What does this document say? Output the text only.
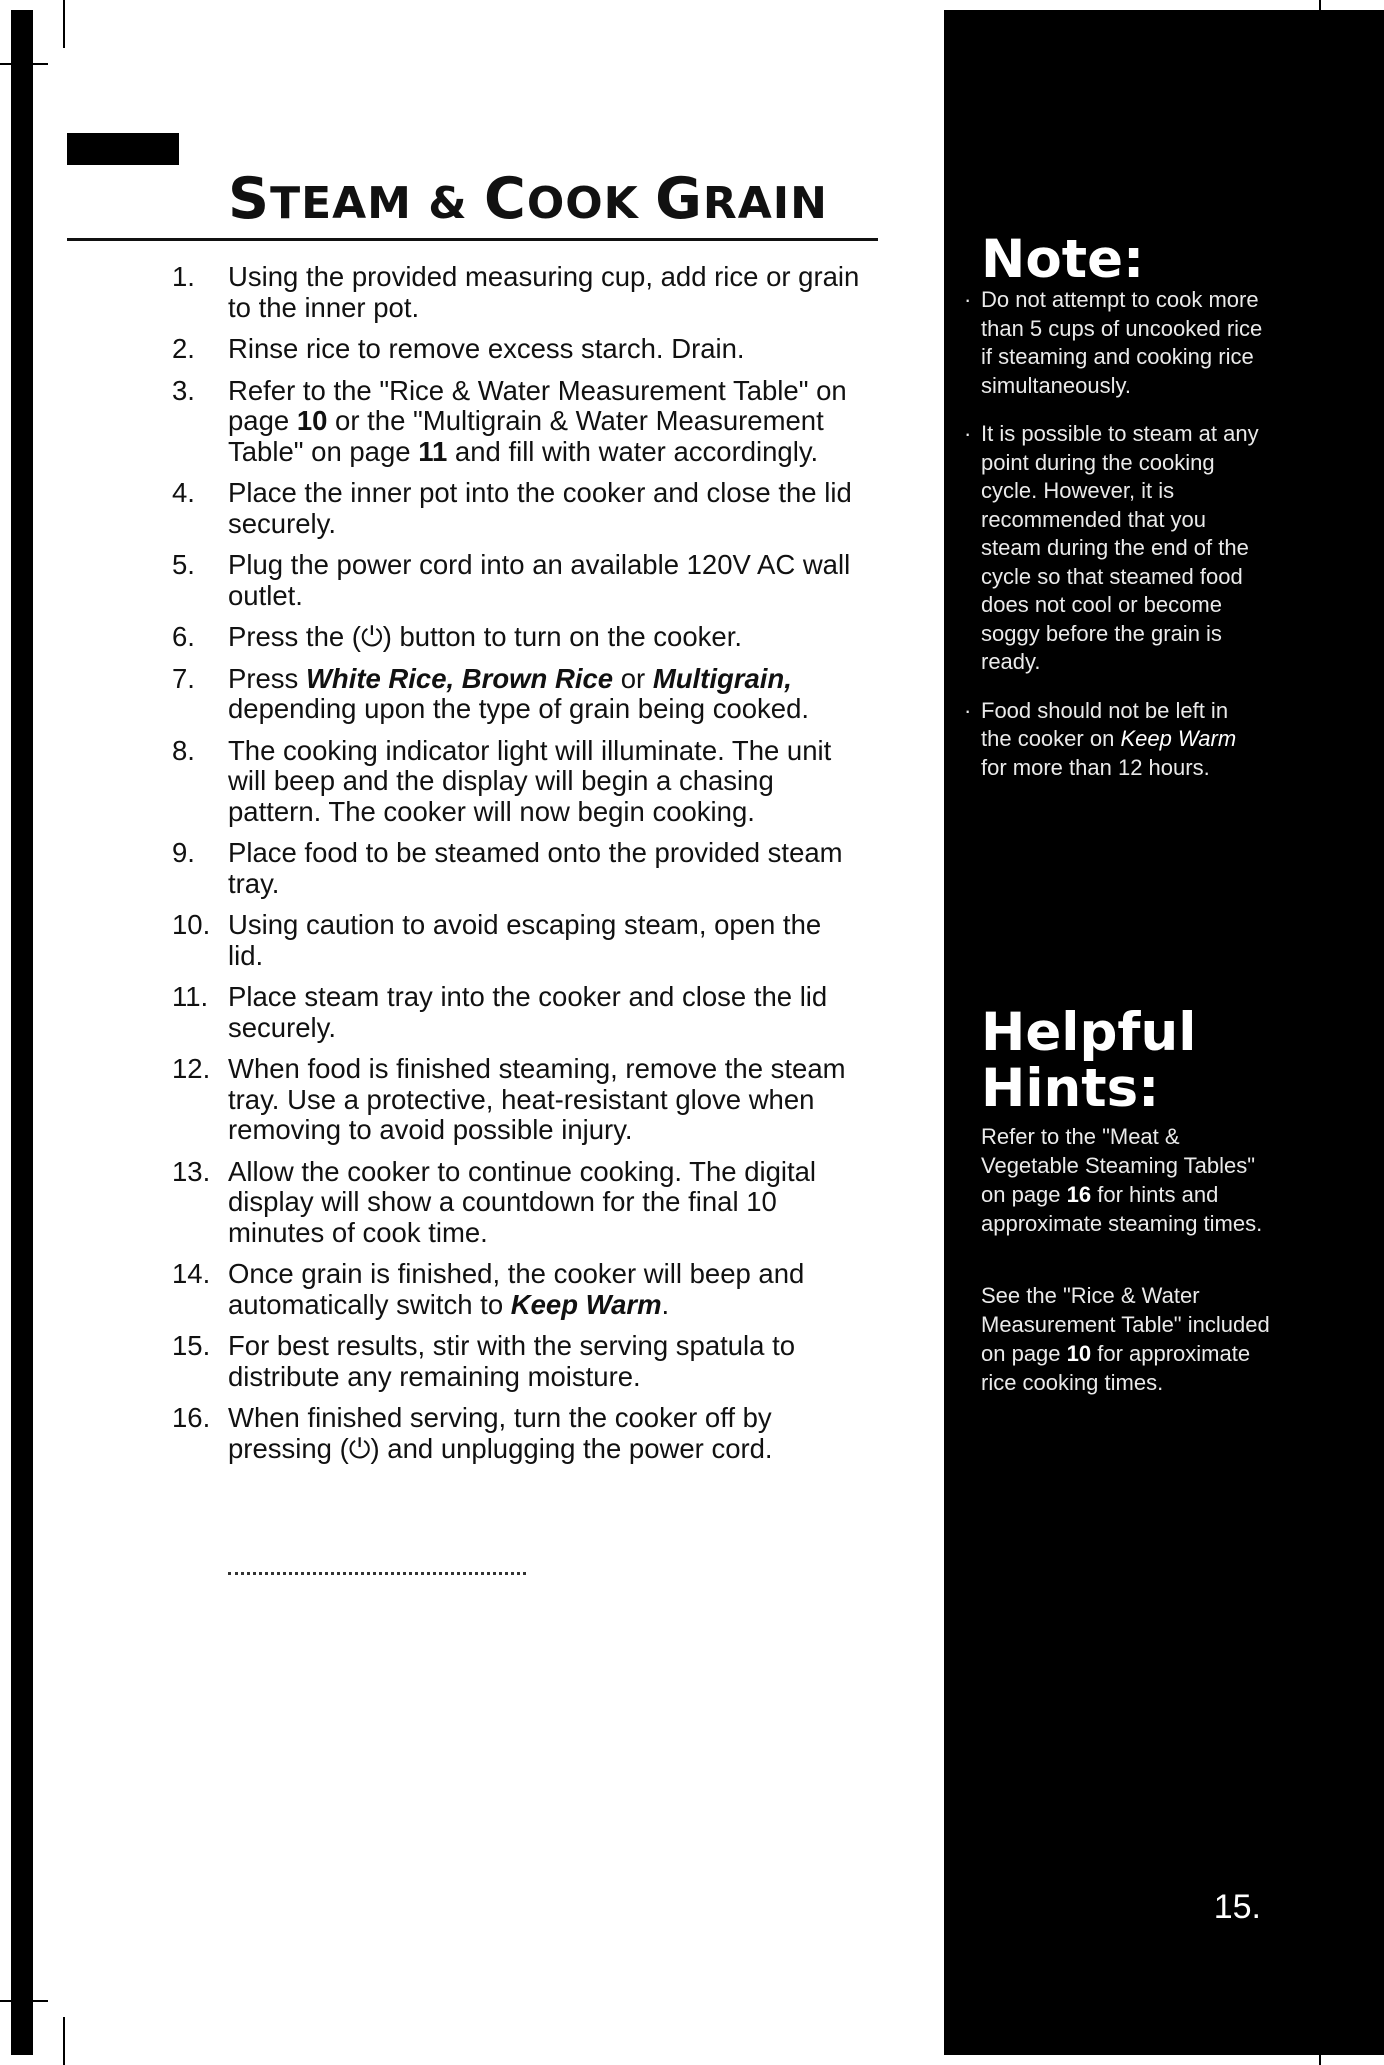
STEAM & COOK GRAIN
1.	Using the provided measuring cup, add rice or grain to the inner pot.
2.	Rinse rice to remove excess starch. Drain.
3.	Refer to the "Rice & Water Measurement Table" on page 10 or the "Multigrain & Water Measurement Table" on page 11 and fill with water accordingly.
4.	Place the inner pot into the cooker and close the lid securely.
5.	Plug the power cord into an available 120V AC wall outlet.
6.	Press the (⏻) button to turn on the cooker.
7.	Press White Rice, Brown Rice or Multigrain, depending upon the type of grain being cooked.
8.	The cooking indicator light will illuminate. The unit will beep and the display will begin a chasing pattern. The cooker will now begin cooking.
9.	Place food to be steamed onto the provided steam tray.
10. Using caution to avoid escaping steam, open the lid.
11. Place steam tray into the cooker and close the lid securely.
12. When food is finished steaming, remove the steam tray. Use a protective, heat-resistant glove when removing to avoid possible injury.
13. Allow the cooker to continue cooking. The digital display will show a countdown for the final 10 minutes of cook time.
14. Once grain is finished, the cooker will beep and automatically switch to Keep Warm.
15. For best results, stir with the serving spatula to distribute any remaining moisture.
16. When finished serving, turn the cooker off by pressing (⏻) and unplugging the power cord.
Note:
· Do not attempt to cook more than 5 cups of uncooked rice if steaming and cooking rice simultaneously.
· It is possible to steam at any point during the cooking cycle. However, it is recommended that you steam during the end of the cycle so that steamed food does not cool or become soggy before the grain is ready.
· Food should not be left in the cooker on Keep Warm for more than 12 hours.
Helpful
Hints:
Refer to the "Meat & Vegetable Steaming Tables" on page 16 for hints and approximate steaming times.
See the "Rice & Water Measurement Table" included on page 10 for approximate rice cooking times.
15.
